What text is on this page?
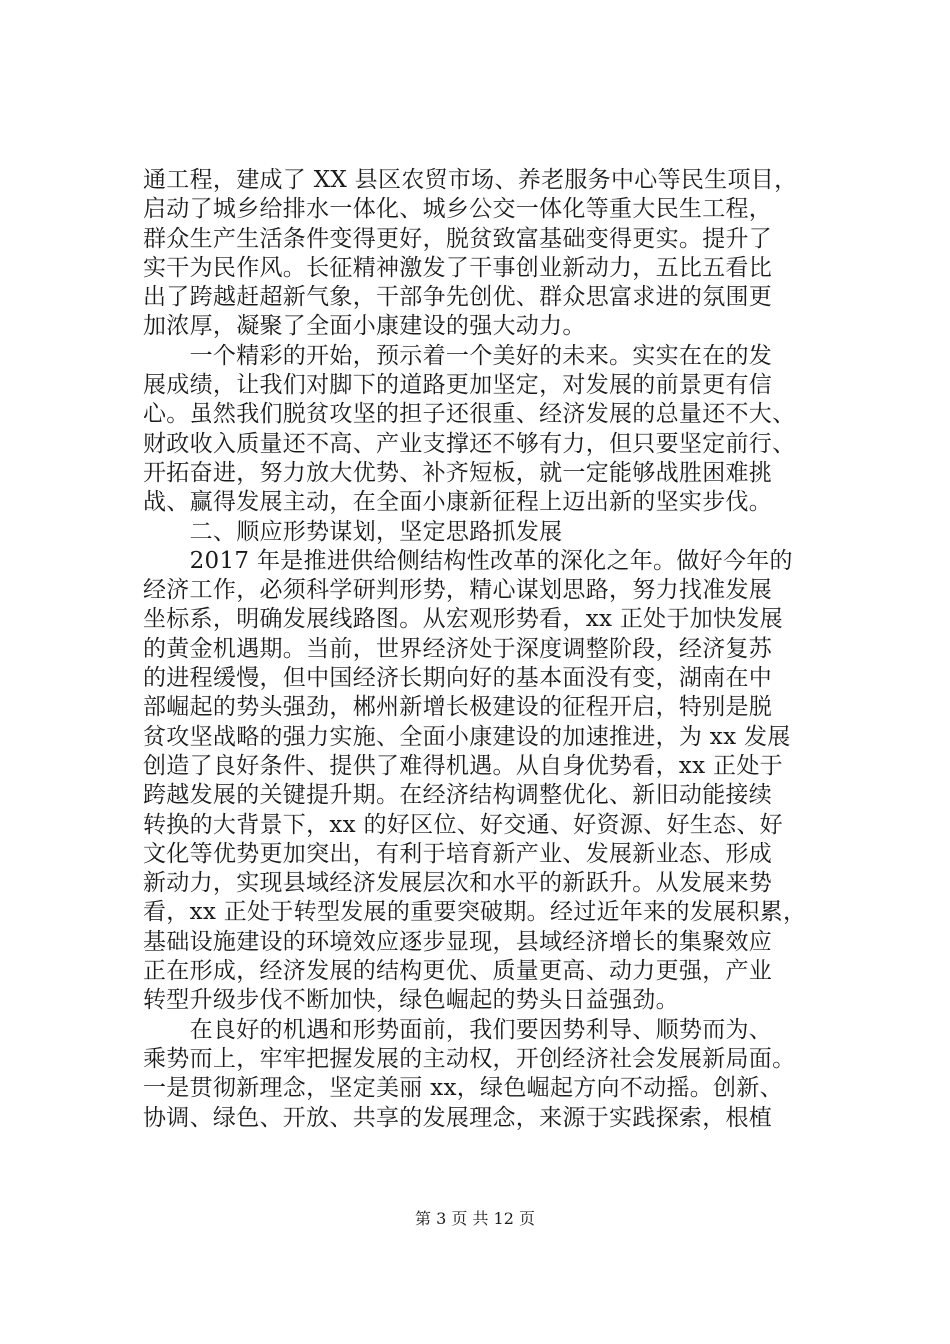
通工程，建成了 XX 县区农贸市场、养老服务中心等民生项目，
启动了城乡给排水一体化、城乡公交一体化等重大民生工程，
群众生产生活条件变得更好，脱贫致富基础变得更实。提升了
实干为民作风。长征精神激发了干事创业新动力，五比五看比
出了跨越赶超新气象，干部争先创优、群众思富求进的氛围更
加浓厚，凝聚了全面小康建设的强大动力。
　　一个精彩的开始，预示着一个美好的未来。实实在在的发
展成绩，让我们对脚下的道路更加坚定，对发展的前景更有信
心。虽然我们脱贫攻坚的担子还很重、经济发展的总量还不大、
财政收入质量还不高、产业支撑还不够有力，但只要坚定前行、
开拓奋进，努力放大优势、补齐短板，就一定能够战胜困难挑
战、赢得发展主动，在全面小康新征程上迈出新的坚实步伐。
　　二、顺应形势谋划，坚定思路抓发展
　　2017 年是推进供给侧结构性改革的深化之年。做好今年的
经济工作，必须科学研判形势，精心谋划思路，努力找准发展
坐标系，明确发展线路图。从宏观形势看，xx 正处于加快发展
的黄金机遇期。当前，世界经济处于深度调整阶段，经济复苏
的进程缓慢，但中国经济长期向好的基本面没有变，湖南在中
部崛起的势头强劲，郴州新增长极建设的征程开启，特别是脱
贫攻坚战略的强力实施、全面小康建设的加速推进，为 xx 发展
创造了良好条件、提供了难得机遇。从自身优势看，xx 正处于
跨越发展的关键提升期。在经济结构调整优化、新旧动能接续
转换的大背景下，xx 的好区位、好交通、好资源、好生态、好
文化等优势更加突出，有利于培育新产业、发展新业态、形成
新动力，实现县域经济发展层次和水平的新跃升。从发展来势
看，xx 正处于转型发展的重要突破期。经过近年来的发展积累，
基础设施建设的环境效应逐步显现，县域经济增长的集聚效应
正在形成，经济发展的结构更优、质量更高、动力更强，产业
转型升级步伐不断加快，绿色崛起的势头日益强劲。
　　在良好的机遇和形势面前，我们要因势利导、顺势而为、
乘势而上，牢牢把握发展的主动权，开创经济社会发展新局面。
一是贯彻新理念，坚定美丽 xx，绿色崛起方向不动摇。创新、
协调、绿色、开放、共享的发展理念，来源于实践探索，根植
第 3 页 共 12 页
